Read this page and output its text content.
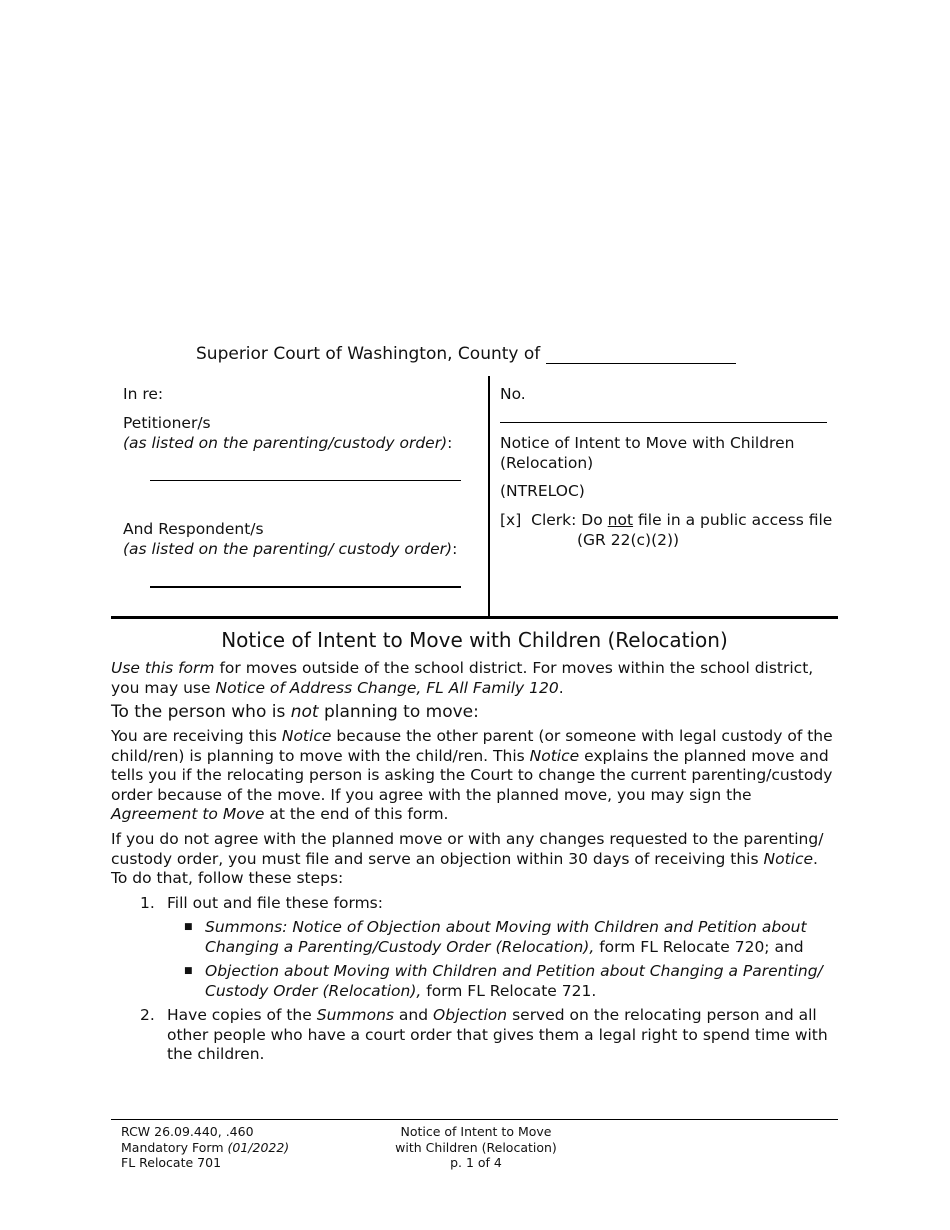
Superior Court of Washington, County of
In re:
Petitioner/s
(as listed on the parenting/custody order):
And Respondent/s
(as listed on the parenting/ custody order):
No.
Notice of Intent to Move with Children (Relocation)
(NTRELOC)
[x] Clerk: Do not file in a public access file
(GR 22(c)(2))
Notice of Intent to Move with Children (Relocation)
Use this form for moves outside of the school district. For moves within the school district, you may use Notice of Address Change, FL All Family 120.
To the person who is not planning to move:
You are receiving this Notice because the other parent (or someone with legal custody of the child/ren) is planning to move with the child/ren. This Notice explains the planned move and tells you if the relocating person is asking the Court to change the current parenting/custody order because of the move. If you agree with the planned move, you may sign the Agreement to Move at the end of this form.
If you do not agree with the planned move or with any changes requested to the parenting/ custody order, you must file and serve an objection within 30 days of receiving this Notice.
To do that, follow these steps:
1. Fill out and file these forms:
■ Summons: Notice of Objection about Moving with Children and Petition about Changing a Parenting/Custody Order (Relocation), form FL Relocate 720; and
■ Objection about Moving with Children and Petition about Changing a Parenting/ Custody Order (Relocation), form FL Relocate 721.
2. Have copies of the Summons and Objection served on the relocating person and all other people who have a court order that gives them a legal right to spend time with the children.
RCW 26.09.440, .460
Mandatory Form (01/2022)
FL Relocate 701
Notice of Intent to Move
with Children (Relocation)
p. 1 of 4
